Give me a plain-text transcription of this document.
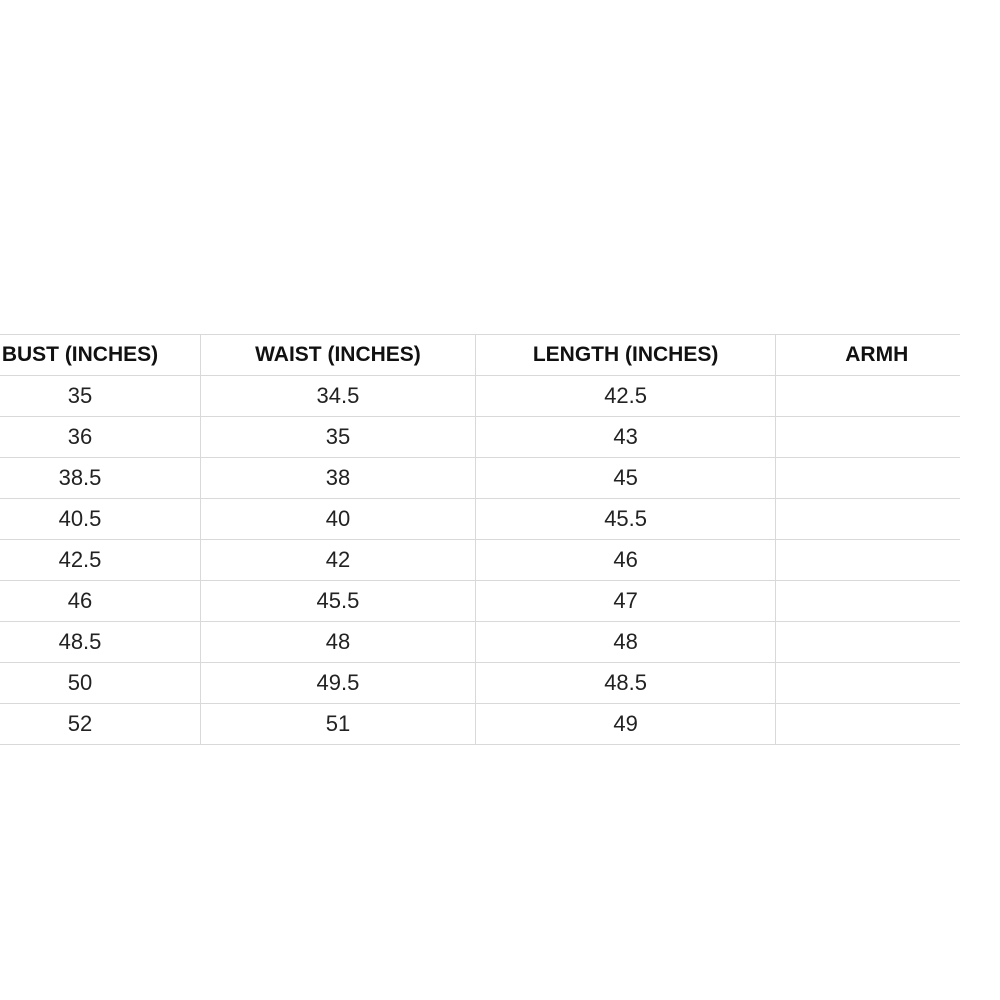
BUST (INCHES)	WAIST (INCHES)	LENGTH (INCHES)	ARMH
35	34.5	42.5	
36	35	43	
38.5	38	45	
40.5	40	45.5	
42.5	42	46	
46	45.5	47	
48.5	48	48	
50	49.5	48.5	
52	51	49	
